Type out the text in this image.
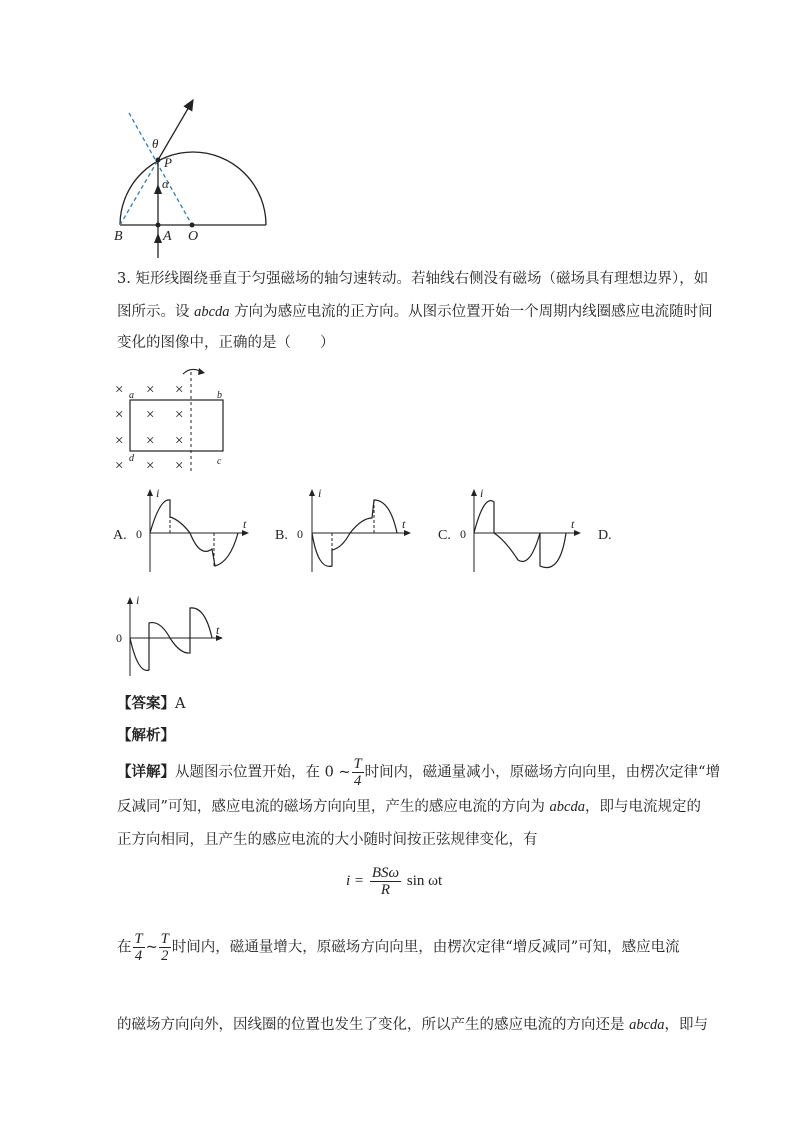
θ
P
α
B	A O
3. 矩形线圈绕垂直于匀强磁场的轴匀速转动。若轴线右侧没有磁场（磁场具有理想边界），如
图所示。设 abcda 方向为感应电流的正方向。从图示位置开始一个周期内线圈感应电流随时间
变化的图像中，正确的是（　　）
× × ×
× × ×
× × ×
× × ×
a	b
d	c
A.
i
t
0	B.
i
t
0	C.
i
t
0	D.
i
t
0
【答案】A
【解析】
【详解】从题图示位置开始，在 0 ~ $\frac{T}{4}$ 时间内，磁通量减小，原磁场方向向里，由楞次定律“增
反减同”可知，感应电流的磁场方向向里，产生的感应电流的方向为 abcda，即与电流规定的
正方向相同，且产生的感应电流的大小随时间按正弦规律变化，有
$i = \frac{\text{BSω}}{R}$ sin ωt
在 $\frac{T}{4}$ ~ $\frac{T}{2}$ 时间内，磁通量增大，原磁场方向向里，由楞次定律“增反减同”可知，感应电流
的磁场方向向外，因线圈的位置也发生了变化，所以产生的感应电流的方向还是 abcda，即与
